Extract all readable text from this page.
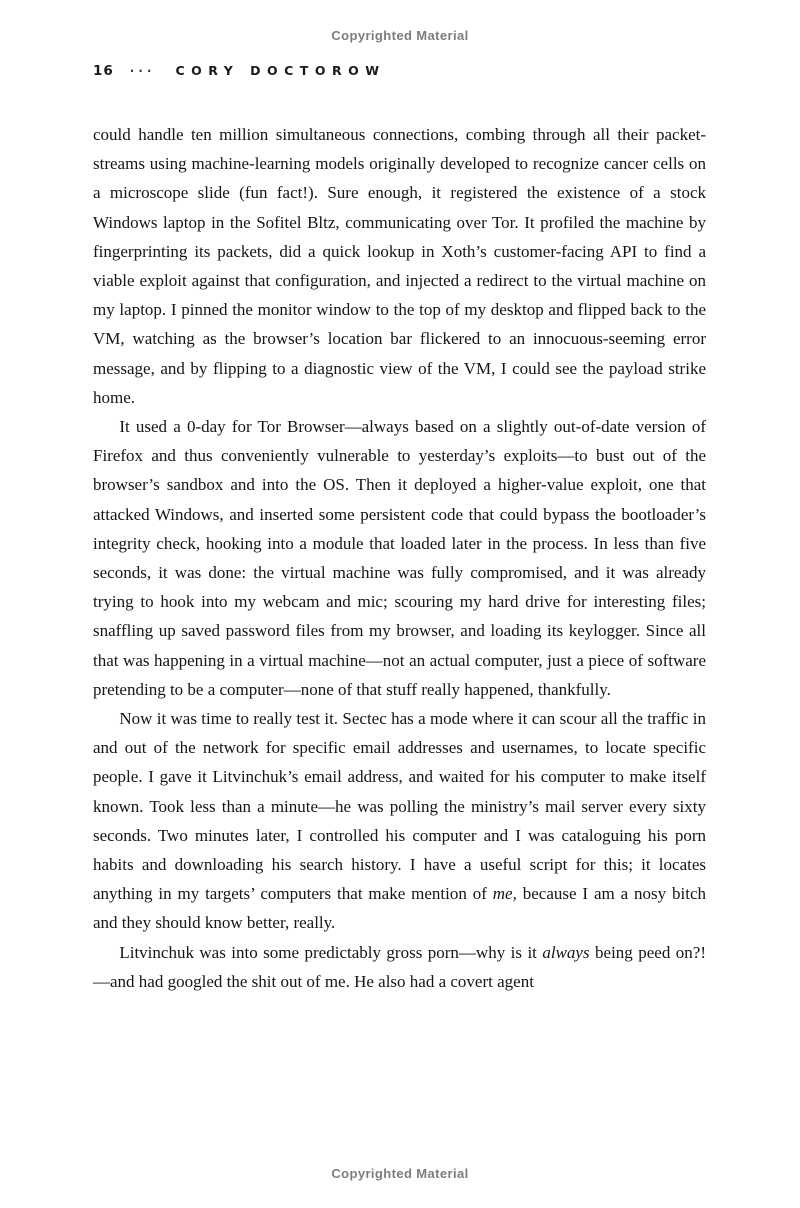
Copyrighted Material
16 ··· CORY DOCTOROW

could handle ten million simultaneous connections, combing through all their packet-streams using machine-learning models originally developed to recognize cancer cells on a microscope slide (fun fact!). Sure enough, it registered the existence of a stock Windows laptop in the Sofitel Bltz, communicating over Tor. It profiled the machine by fingerprinting its packets, did a quick lookup in Xoth’s customer-facing API to find a viable exploit against that configuration, and injected a redirect to the virtual machine on my laptop. I pinned the monitor window to the top of my desktop and flipped back to the VM, watching as the browser’s location bar flickered to an innocuous-seeming error message, and by flipping to a diagnostic view of the VM, I could see the payload strike home.

It used a 0-day for Tor Browser—always based on a slightly out-of-date version of Firefox and thus conveniently vulnerable to yesterday’s exploits—to bust out of the browser’s sandbox and into the OS. Then it deployed a higher-value exploit, one that attacked Windows, and inserted some persistent code that could bypass the bootloader’s integrity check, hooking into a module that loaded later in the process. In less than five seconds, it was done: the virtual machine was fully compromised, and it was already trying to hook into my webcam and mic; scouring my hard drive for interesting files; snaffling up saved password files from my browser, and loading its keylogger. Since all that was happening in a virtual machine—not an actual computer, just a piece of software pretending to be a computer—none of that stuff really happened, thankfully.

Now it was time to really test it. Sectec has a mode where it can scour all the traffic in and out of the network for specific email addresses and usernames, to locate specific people. I gave it Litvinchuk’s email address, and waited for his computer to make itself known. Took less than a minute—he was polling the ministry’s mail server every sixty seconds. Two minutes later, I controlled his computer and I was cataloguing his porn habits and downloading his search history. I have a useful script for this; it locates anything in my targets’ computers that make mention of me, because I am a nosy bitch and they should know better, really.

Litvinchuk was into some predictably gross porn—why is it always being peed on?!—and had googled the shit out of me. He also had a covert agent

Copyrighted Material
